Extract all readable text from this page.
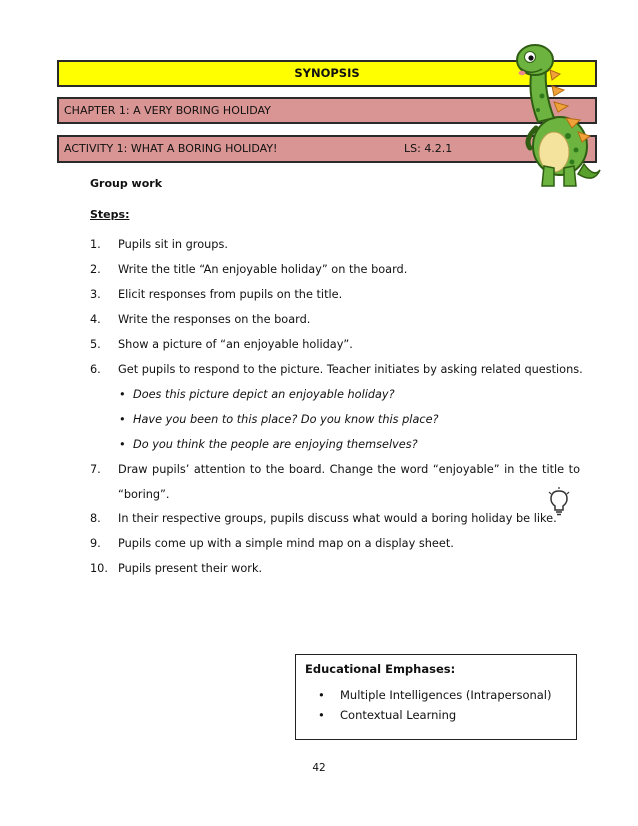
SYNOPSIS
CHAPTER 1: A VERY BORING HOLIDAY
ACTIVITY 1: WHAT A BORING HOLIDAY!	LS: 4.2.1
Group work
Steps:
1. Pupils sit in groups.
2. Write the title “An enjoyable holiday” on the board.
3. Elicit responses from pupils on the title.
4. Write the responses on the board.
5. Show a picture of “an enjoyable holiday”.
6. Get pupils to respond to the picture. Teacher initiates by asking related questions.
• Does this picture depict an enjoyable holiday?
• Have you been to this place? Do you know this place?
• Do you think the people are enjoying themselves?
7. Draw pupils’ attention to the board. Change the word “enjoyable” in the title to
“boring”.
8. In their respective groups, pupils discuss what would a boring holiday be like.
9. Pupils come up with a simple mind map on a display sheet.
10. Pupils present their work.
Educational Emphases:
• Multiple Intelligences (Intrapersonal)
• Contextual Learning
42
